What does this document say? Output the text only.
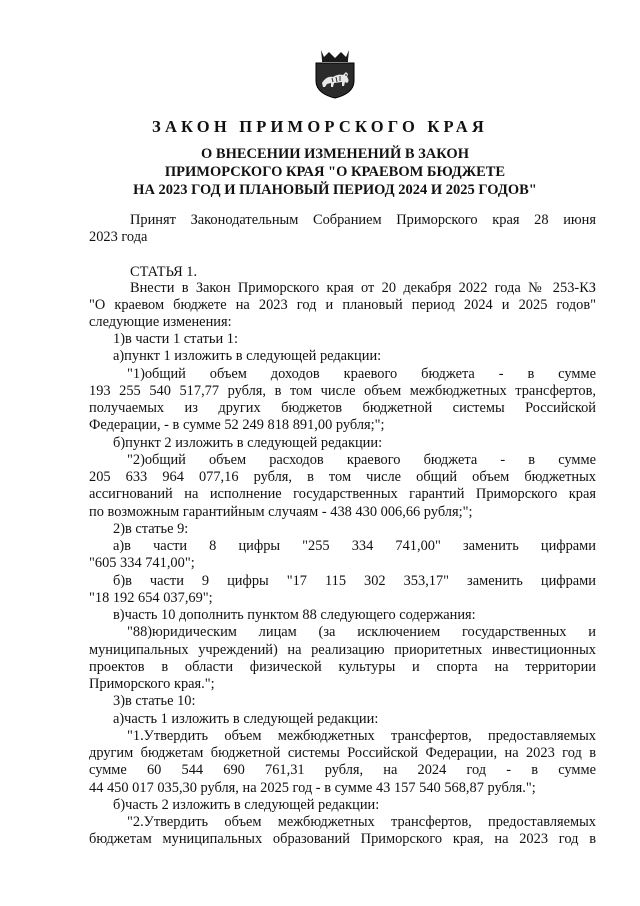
ЗАКОН ПРИМОРСКОГО КРАЯ
О ВНЕСЕНИИ ИЗМЕНЕНИЙ В ЗАКОН
ПРИМОРСКОГО КРАЯ "О КРАЕВОМ БЮДЖЕТЕ
НА 2023 ГОД И ПЛАНОВЫЙ ПЕРИОД 2024 И 2025 ГОДОВ"
Принят Законодательным Собранием Приморского края 28 июня
2023 года
СТАТЬЯ 1.
Внести в Закон Приморского края от 20 декабря 2022 года № 253-КЗ
"О краевом бюджете на 2023 год и плановый период 2024 и 2025 годов"
следующие изменения:
1)в части 1 статьи 1:
а)пункт 1 изложить в следующей редакции:
"1)общий объем доходов краевого бюджета - в сумме
193 255 540 517,77 рубля, в том числе объем межбюджетных трансфертов,
получаемых из других бюджетов бюджетной системы Российской
Федерации, - в сумме 52 249 818 891,00 рубля;";
б)пункт 2 изложить в следующей редакции:
"2)общий объем расходов краевого бюджета - в сумме
205 633 964 077,16 рубля, в том числе общий объем бюджетных
ассигнований на исполнение государственных гарантий Приморского края
по возможным гарантийным случаям - 438 430 006,66 рубля;";
2)в статье 9:
а)в части 8 цифры "255 334 741,00" заменить цифрами
"605 334 741,00";
б)в части 9 цифры "17 115 302 353,17" заменить цифрами
"18 192 654 037,69";
в)часть 10 дополнить пунктом 88 следующего содержания:
"88)юридическим лицам (за исключением государственных и
муниципальных учреждений) на реализацию приоритетных инвестиционных
проектов в области физической культуры и спорта на территории
Приморского края.";
3)в статье 10:
а)часть 1 изложить в следующей редакции:
"1.Утвердить объем межбюджетных трансфертов, предоставляемых
другим бюджетам бюджетной системы Российской Федерации, на 2023 год в
сумме 60 544 690 761,31 рубля, на 2024 год - в сумме
44 450 017 035,30 рубля, на 2025 год - в сумме 43 157 540 568,87 рубля.";
б)часть 2 изложить в следующей редакции:
"2.Утвердить объем межбюджетных трансфертов, предоставляемых
бюджетам муниципальных образований Приморского края, на 2023 год в
